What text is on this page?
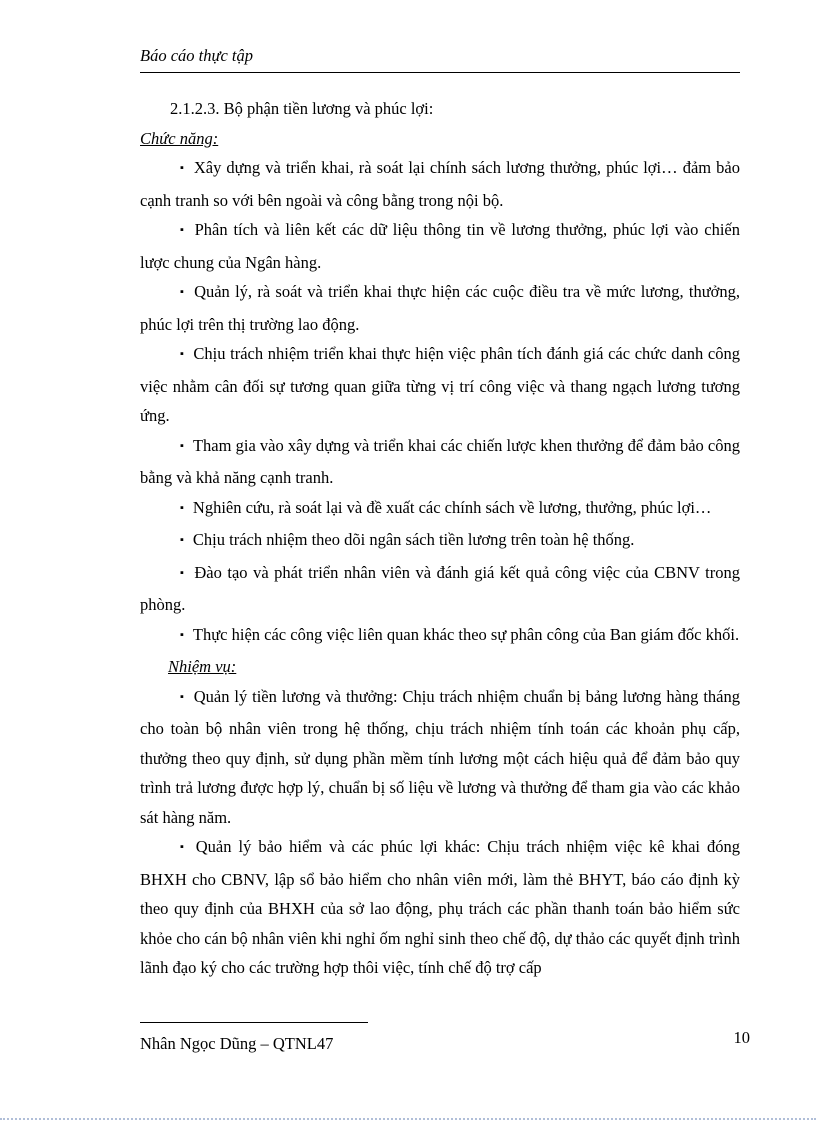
Báo cáo thực tập

2.1.2.3. Bộ phận tiền lương và phúc lợi:

Chức năng:

▪ Xây dựng và triển khai, rà soát lại chính sách lương thưởng, phúc lợi… đảm bảo cạnh tranh so với bên ngoài và công bằng trong nội bộ.

▪ Phân tích và liên kết các dữ liệu thông tin về lương thưởng, phúc lợi vào chiến lược chung của Ngân hàng.

▪ Quản lý, rà soát và triển khai thực hiện các cuộc điều tra về mức lương, thưởng, phúc lợi trên thị trường lao động.

▪ Chịu trách nhiệm triển khai thực hiện việc phân tích đánh giá các chức danh công việc nhằm cân đối sự tương quan giữa từng vị trí công việc và thang ngạch lương tương ứng.

▪ Tham gia vào xây dựng và triển khai các chiến lược khen thưởng để đảm bảo công bằng và khả năng cạnh tranh.

▪ Nghiên cứu, rà soát lại và đề xuất các chính sách về lương, thưởng, phúc lợi…

▪ Chịu trách nhiệm theo dõi ngân sách tiền lương trên toàn hệ thống.

▪ Đào tạo và phát triển nhân viên và đánh giá kết quả công việc của CBNV trong phòng.

▪ Thực hiện các công việc liên quan khác theo sự phân công của Ban giám đốc khối.

Nhiệm vụ:

▪ Quản lý tiền lương và thưởng: Chịu trách nhiệm chuẩn bị bảng lương hàng tháng cho toàn bộ nhân viên trong hệ thống, chịu trách nhiệm tính toán các khoản phụ cấp, thưởng theo quy định, sử dụng phần mềm tính lương một cách hiệu quả để đảm bảo quy trình trả lương được hợp lý, chuẩn bị số liệu về lương và thưởng để tham gia vào các khảo sát hàng năm.

▪ Quản lý bảo hiểm và các phúc lợi khác: Chịu trách nhiệm việc kê khai đóng BHXH cho CBNV, lập sổ bảo hiểm cho nhân viên mới, làm thẻ BHYT, báo cáo định kỳ theo quy định của BHXH của sở lao động, phụ trách các phần thanh toán bảo hiểm sức khỏe cho cán bộ nhân viên khi nghỉ ốm nghỉ sinh theo chế độ, dự thảo các quyết định trình lãnh đạo ký cho các trường hợp thôi việc, tính chế độ trợ cấp

10
Nhân Ngọc Dũng – QTNL47
